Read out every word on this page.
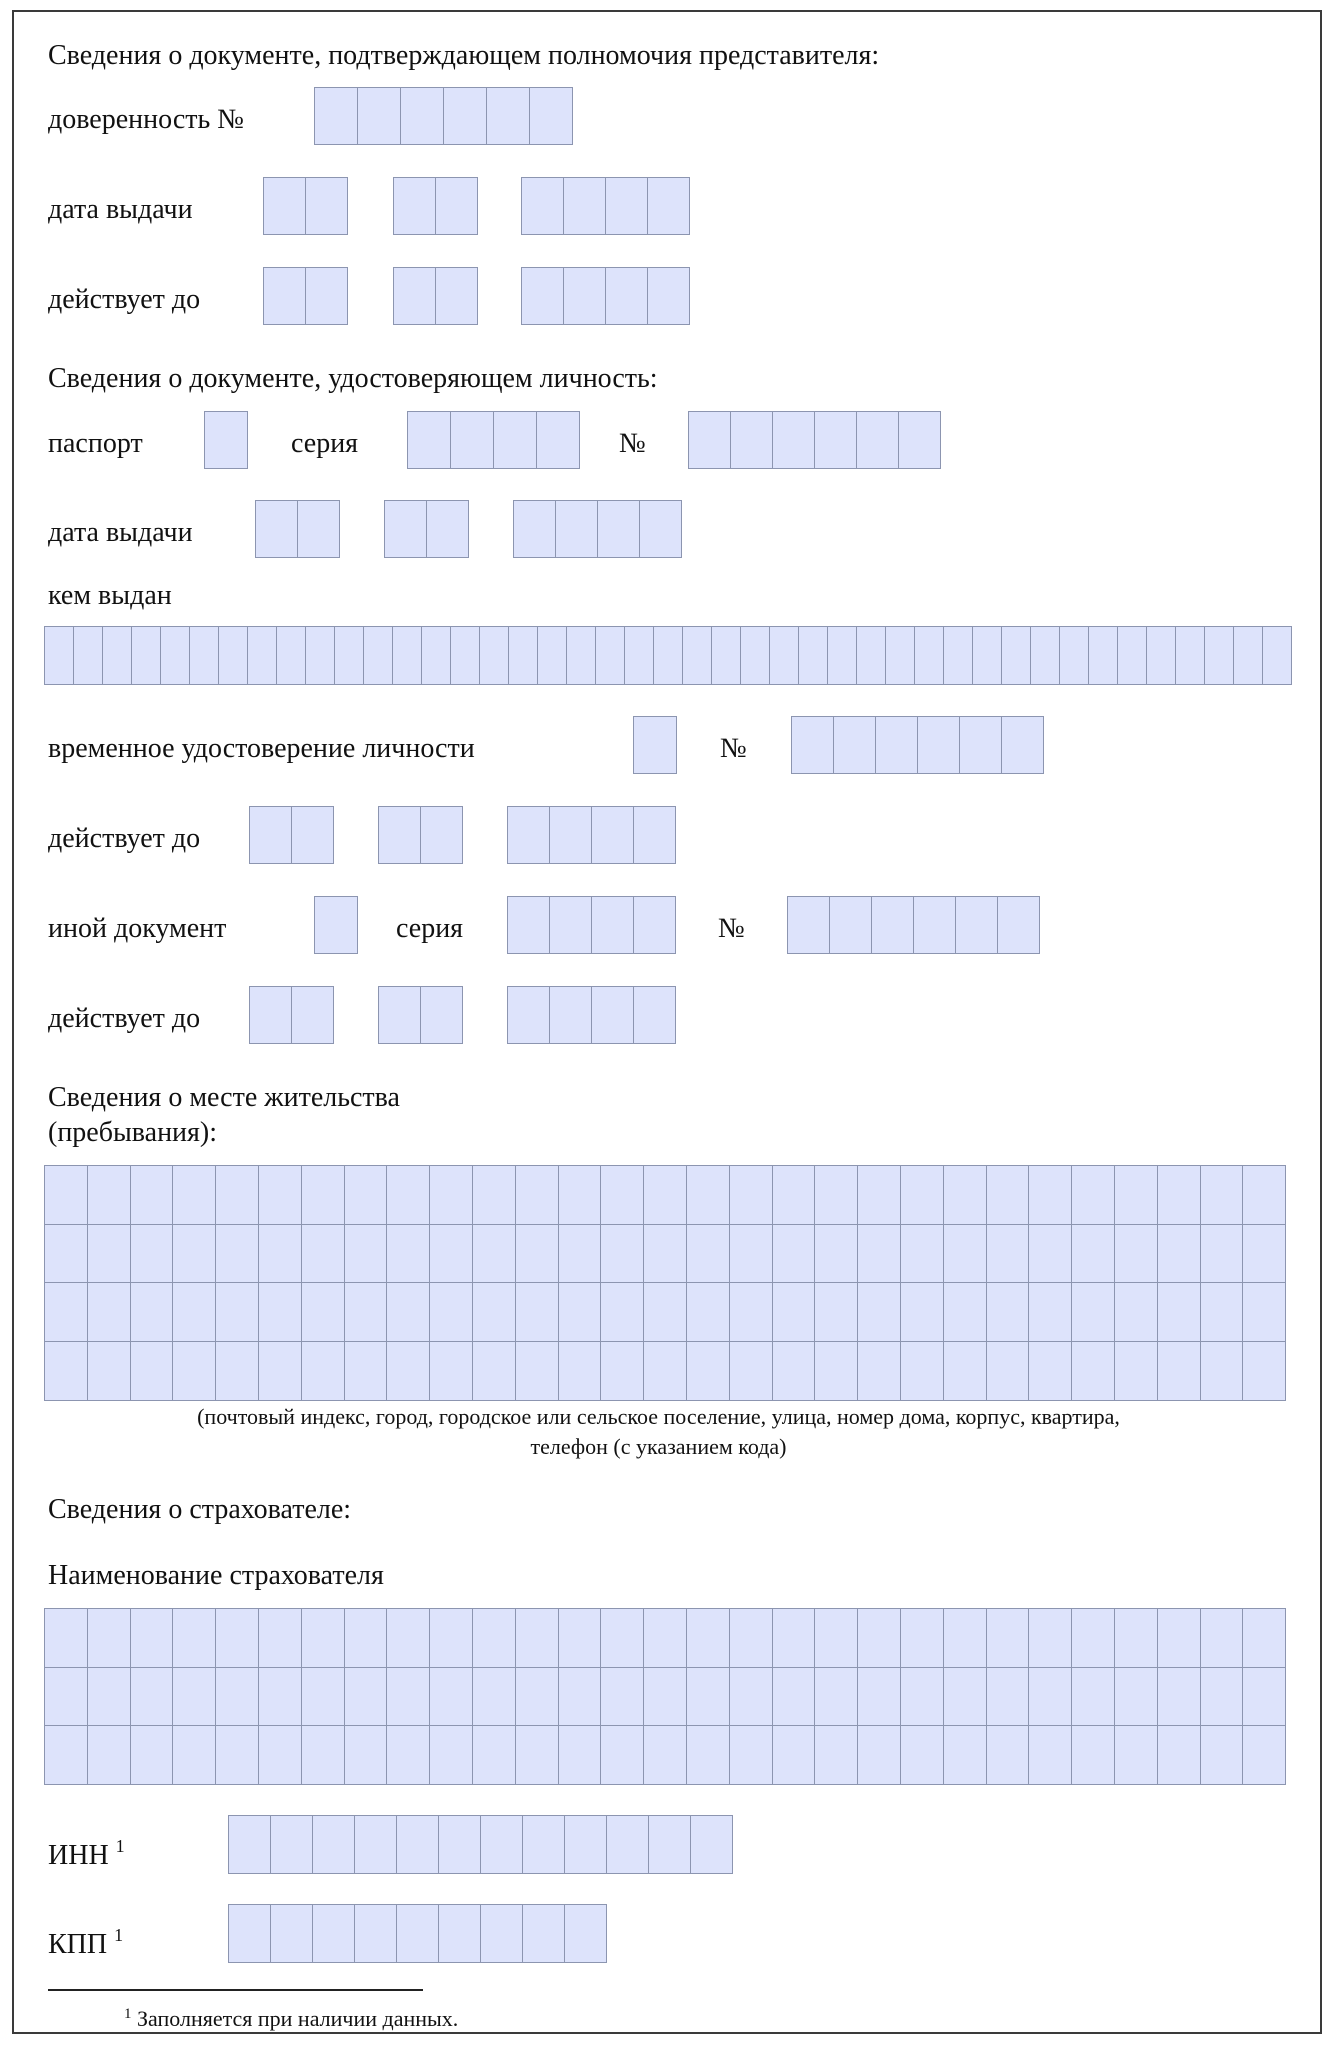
Сведения о документе, подтверждающем полномочия представителя:
доверенность №
дата выдачи
действует до
Сведения о документе, удостоверяющем личность:
паспорт	серия	№
дата выдачи
кем выдан
временное удостоверение личности	№
действует до
иной документ	серия	№
действует до
Сведения о месте жительства
(пребывания):
(почтовый индекс, город, городское или сельское поселение, улица, номер дома, корпус, квартира,
телефон (с указанием кода)
Сведения о страхователе:
Наименование страхователя
ИНН $^1$
КПП $^1$
$^1$ Заполняется при наличии данных.
